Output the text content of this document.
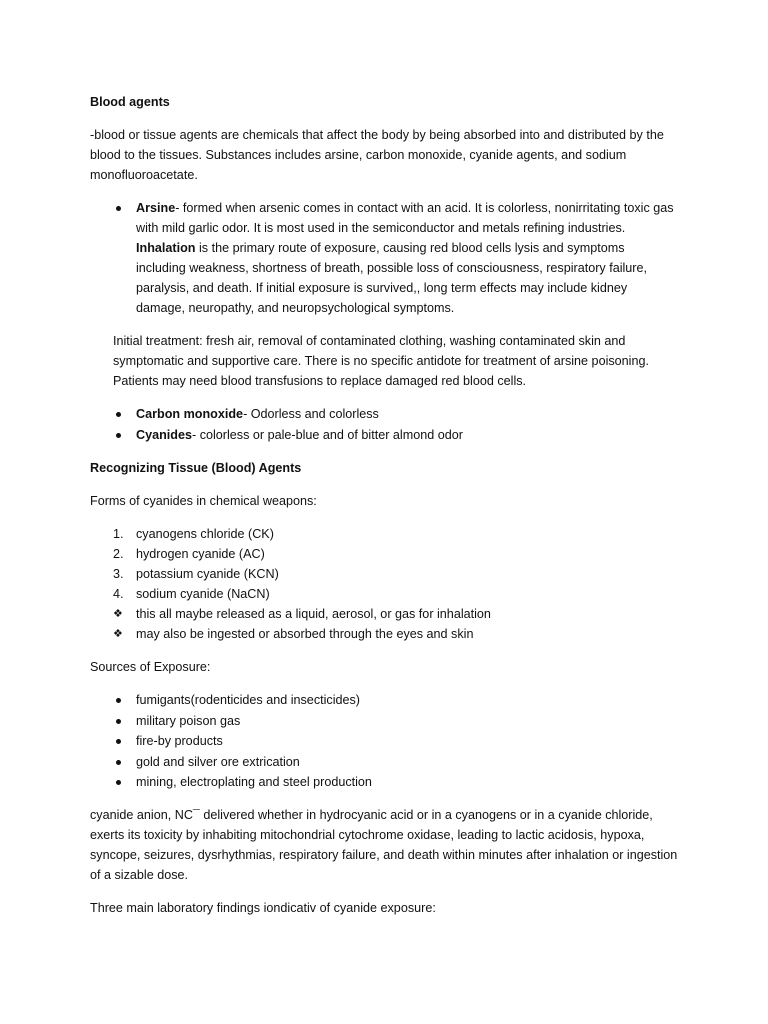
Blood agents
-blood or tissue agents are chemicals that affect the body by being absorbed into and distributed by the blood to the tissues. Substances includes arsine, carbon monoxide, cyanide agents, and sodium monofluoroacetate.
Arsine- formed when arsenic comes in contact with an acid. It is colorless, nonirritating toxic gas with mild garlic odor. It is most used in the semiconductor and metals refining industries. Inhalation is the primary route of exposure, causing red blood cells lysis and symptoms including weakness, shortness of breath, possible loss of consciousness, respiratory failure, paralysis, and death. If initial exposure is survived,, long term effects may include kidney damage, neuropathy, and neuropsychological symptoms.
Initial treatment: fresh air, removal of contaminated clothing, washing contaminated skin and symptomatic and supportive care. There is no specific antidote for treatment of arsine poisoning. Patients may need blood transfusions to replace damaged red blood cells.
Carbon monoxide- Odorless and colorless
Cyanides- colorless or pale-blue and of bitter almond odor
Recognizing Tissue (Blood) Agents
Forms of cyanides in chemical weapons:
1. cyanogens chloride (CK)
2. hydrogen cyanide (AC)
3. potassium cyanide (KCN)
4. sodium cyanide (NaCN)
❖	this all maybe released as a liquid, aerosol, or gas for inhalation
❖	may also be ingested or absorbed through the eyes and skin
Sources of Exposure:
fumigants(rodenticides and insecticides)
military poison gas
fire-by products
gold and silver ore extrication
mining, electroplating and steel production
cyanide anion, NC¯ delivered whether in hydrocyanic acid or in a cyanogens or in a cyanide chloride, exerts its toxicity by inhabiting mitochondrial cytochrome oxidase, leading to lactic acidosis, hypoxa, syncope, seizures, dysrhythmias, respiratory failure, and death within minutes after inhalation or ingestion of a sizable dose.
Three main laboratory findings iondicativ of cyanide exposure:
